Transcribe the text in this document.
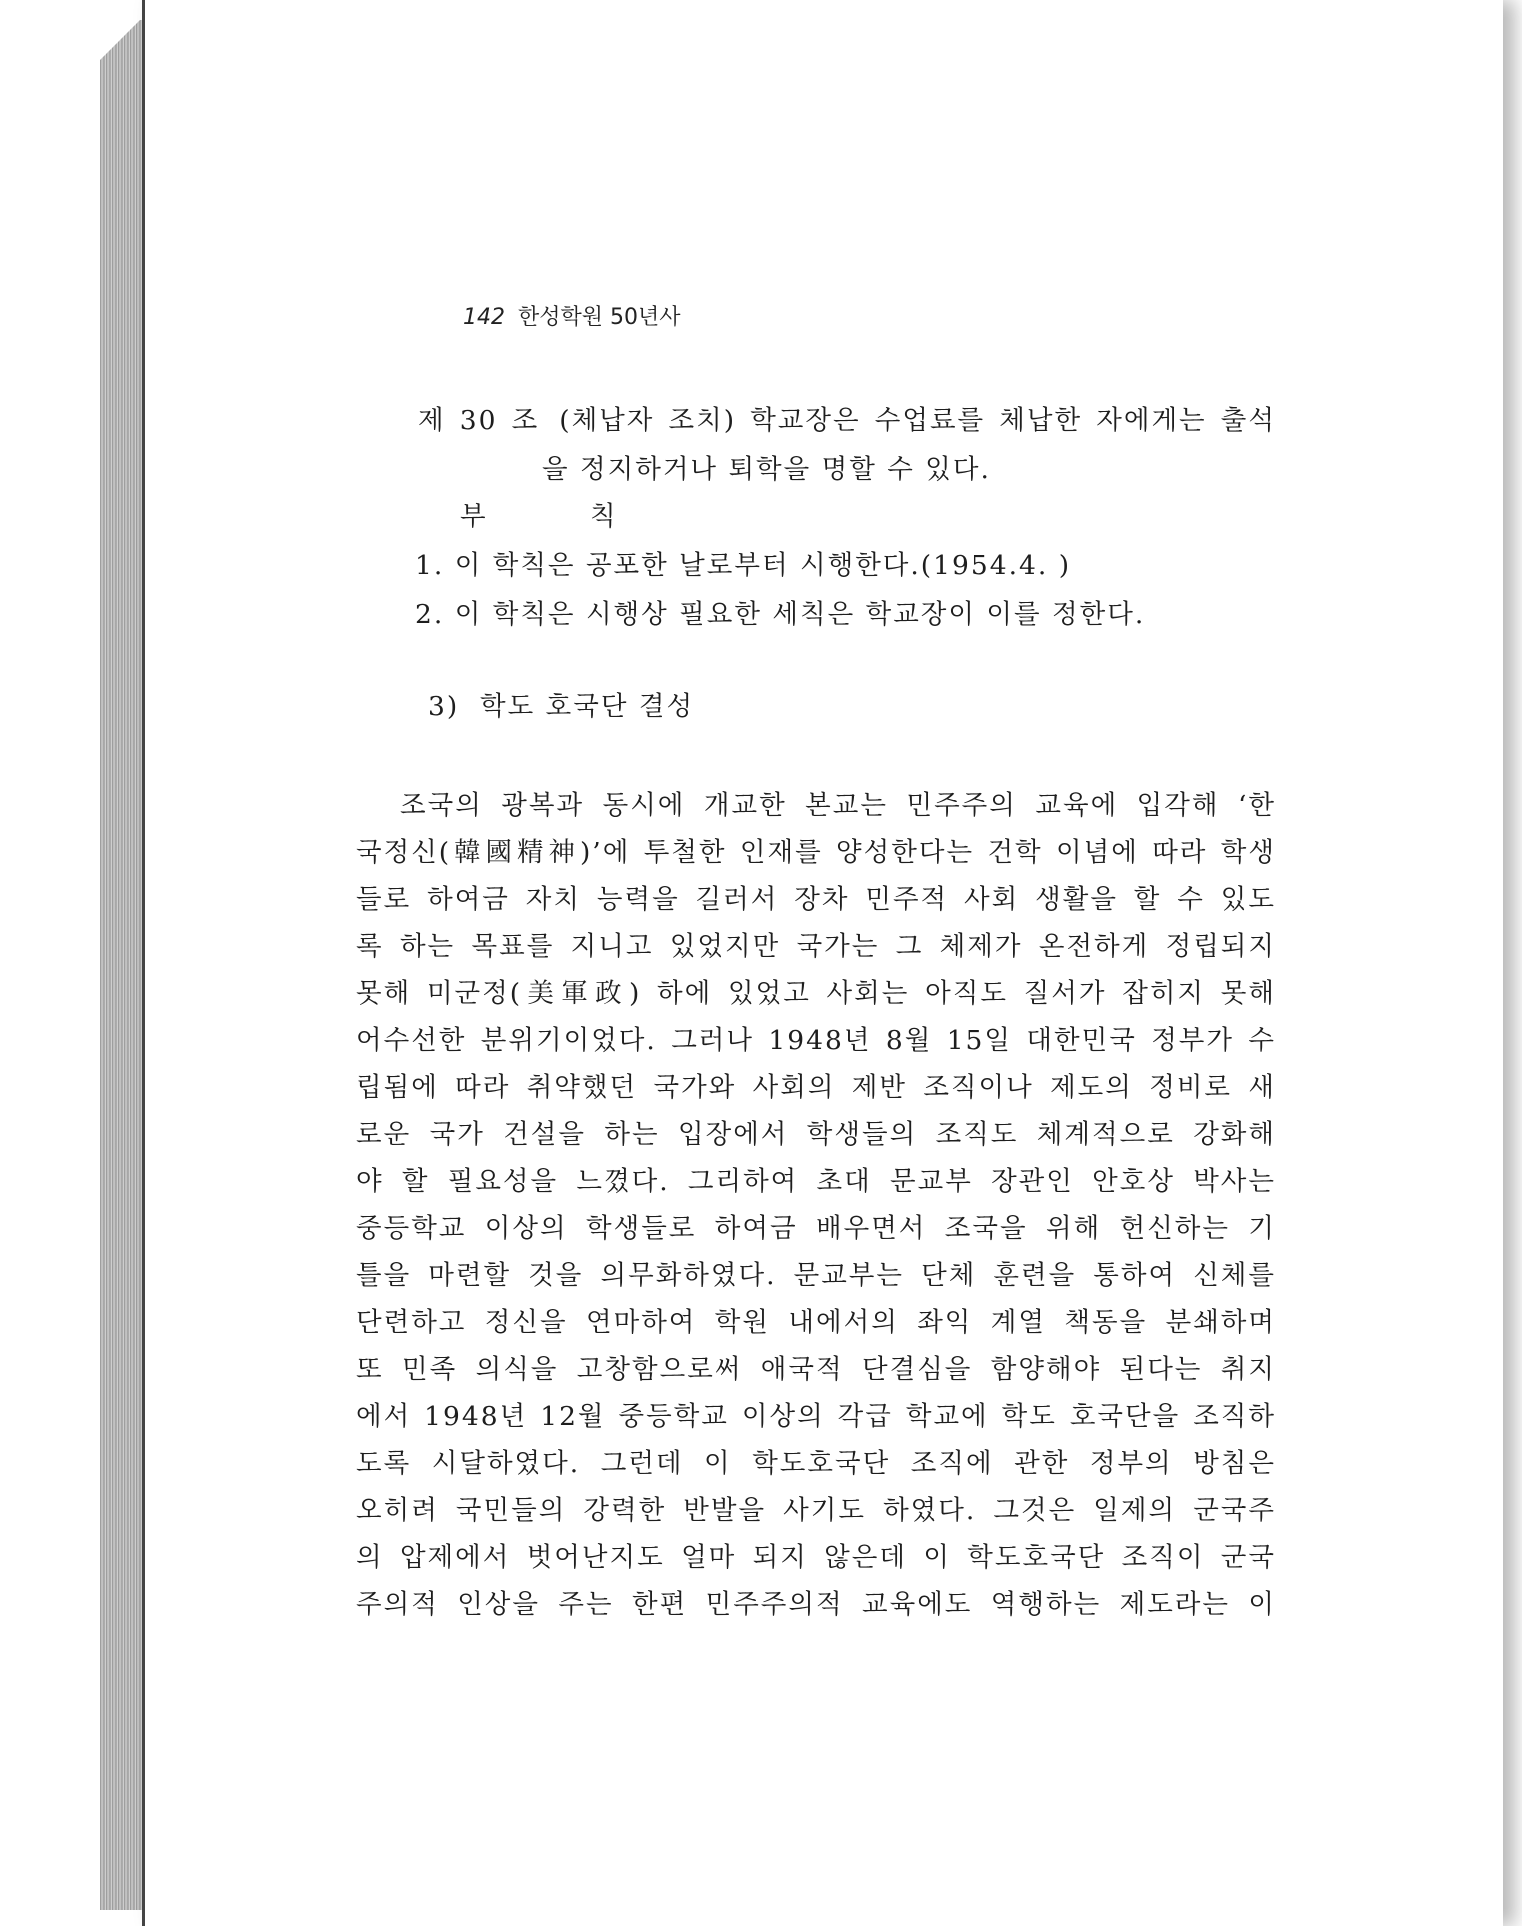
142 한성학원 50년사
제 30 조 (체납자 조치) 학교장은 수업료를 체납한 자에게는 출석
을 정지하거나 퇴학을 명할 수 있다.
부	칙
1. 이 학칙은 공포한 날로부터 시행한다.(1954.4. )
2. 이 학칙은 시행상 필요한 세칙은 학교장이 이를 정한다.
3)  학도 호국단 결성
조국의 광복과 동시에 개교한 본교는 민주주의 교육에 입각해 ‘한
국정신(韓國精神)’에 투철한 인재를 양성한다는 건학 이념에 따라 학생
들로 하여금 자치 능력을 길러서 장차 민주적 사회 생활을 할 수 있도
록 하는 목표를 지니고 있었지만 국가는 그 체제가 온전하게 정립되지
못해 미군정(美軍政) 하에 있었고 사회는 아직도 질서가 잡히지 못해
어수선한 분위기이었다. 그러나 1948년 8월 15일 대한민국 정부가 수
립됨에 따라 취약했던 국가와 사회의 제반 조직이나 제도의 정비로 새
로운 국가 건설을 하는 입장에서 학생들의 조직도 체계적으로 강화해
야 할 필요성을 느꼈다. 그리하여 초대 문교부 장관인 안호상 박사는
중등학교 이상의 학생들로 하여금 배우면서 조국을 위해 헌신하는 기
틀을 마련할 것을 의무화하였다. 문교부는 단체 훈련을 통하여 신체를
단련하고 정신을 연마하여 학원 내에서의 좌익 계열 책동을 분쇄하며
또 민족 의식을 고창함으로써 애국적 단결심을 함양해야 된다는 취지
에서 1948년 12월 중등학교 이상의 각급 학교에 학도 호국단을 조직하
도록 시달하였다. 그런데 이 학도호국단 조직에 관한 정부의 방침은
오히려 국민들의 강력한 반발을 사기도 하였다. 그것은 일제의 군국주
의 압제에서 벗어난지도 얼마 되지 않은데 이 학도호국단 조직이 군국
주의적 인상을 주는 한편 민주주의적 교육에도 역행하는 제도라는 이
